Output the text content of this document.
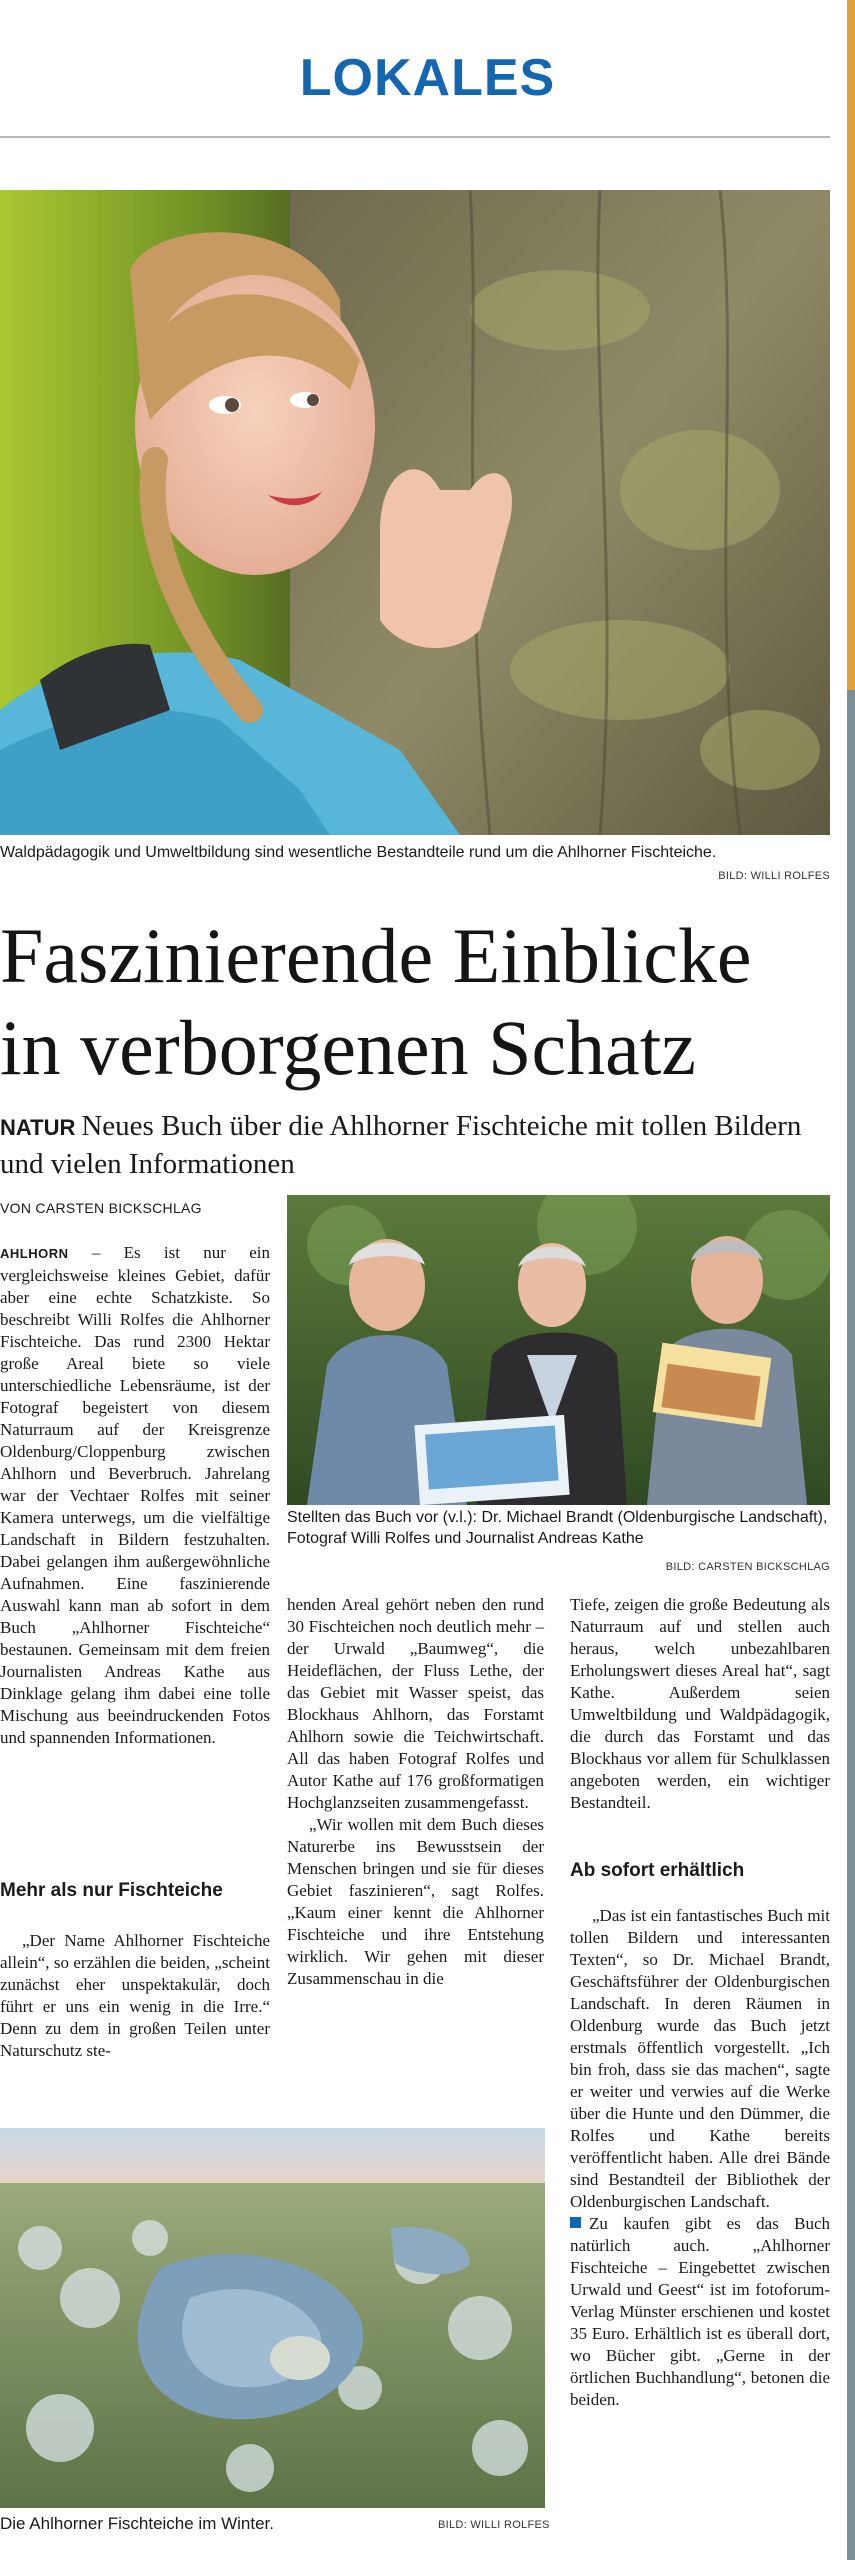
LOKALES
Waldpädagogik und Umweltbildung sind wesentliche Bestandteile rund um die Ahlhorner Fischteiche.
BILD: WILLI ROLFES
Faszinierende Einblicke in verborgenen Schatz
NATUR Neues Buch über die Ahlhorner Fischteiche mit tollen Bildern und vielen Informationen
VON CARSTEN BICKSCHLAG
Stellten das Buch vor (v.l.): Dr. Michael Brandt (Oldenburgische Landschaft), Fotograf Willi Rolfes und Journalist Andreas Kathe
BILD: CARSTEN BICKSCHLAG

AHLHORN – Es ist nur ein vergleichsweise kleines Gebiet, dafür aber eine echte Schatzkiste. So beschreibt Willi Rolfes die Ahlhorner Fischteiche. Das rund 2300 Hektar große Areal biete so viele unterschiedliche Lebensräume, ist der Fotograf begeistert von diesem Naturraum auf der Kreisgrenze Oldenburg/Cloppenburg zwischen Ahlhorn und Beverbruch. Jahrelang war der Vechtaer Rolfes mit seiner Kamera unterwegs, um die vielfältige Landschaft in Bildern festzuhalten. Dabei gelangen ihm außergewöhnliche Aufnahmen. Eine faszinierende Auswahl kann man ab sofort in dem Buch „Ahlhorner Fischteiche“ bestaunen. Gemeinsam mit dem freien Journalisten Andreas Kathe aus Dinklage gelang ihm dabei eine tolle Mischung aus beeindruckenden Fotos und spannenden Informationen.

Mehr als nur Fischteiche

„Der Name Ahlhorner Fischteiche allein“, so erzählen die beiden, „scheint zunächst eher unspektakulär, doch führt er uns ein wenig in die Irre.“ Denn zu dem in großen Teilen unter Naturschutz ste-

henden Areal gehört neben den rund 30 Fischteichen noch deutlich mehr – der Urwald „Baumweg“, die Heideflächen, der Fluss Lethe, der das Gebiet mit Wasser speist, das Blockhaus Ahlhorn, das Forstamt Ahlhorn sowie die Teichwirtschaft. All das haben Fotograf Rolfes und Autor Kathe auf 176 großformatigen Hochglanzseiten zusammengefasst.

„Wir wollen mit dem Buch dieses Naturerbe ins Bewusstsein der Menschen bringen und sie für dieses Gebiet faszinieren“, sagt Rolfes. „Kaum einer kennt die Ahlhorner Fischteiche und ihre Entstehung wirklich. Wir gehen mit dieser Zusammenschau in die

Tiefe, zeigen die große Bedeutung als Naturraum auf und stellen auch heraus, welch unbezahlbaren Erholungswert dieses Areal hat“, sagt Kathe. Außerdem seien Umweltbildung und Waldpädagogik, die durch das Forstamt und das Blockhaus vor allem für Schulklassen angeboten werden, ein wichtiger Bestandteil.

Ab sofort erhältlich

„Das ist ein fantastisches Buch mit tollen Bildern und interessanten Texten“, so Dr. Michael Brandt, Geschäftsführer der Oldenburgischen Landschaft. In deren Räumen in Oldenburg wurde das Buch jetzt erstmals öffentlich vorgestellt. „Ich bin froh, dass sie das machen“, sagte er weiter und verwies auf die Werke über die Hunte und den Dümmer, die Rolfes und Kathe bereits veröffentlicht haben. Alle drei Bände sind Bestandteil der Bibliothek der Oldenburgischen Landschaft.

Zu kaufen gibt es das Buch natürlich auch. „Ahlhorner Fischteiche – Eingebettet zwischen Urwald und Geest“ ist im fotoforum-Verlag Münster erschienen und kostet 35 Euro. Erhältlich ist es überall dort, wo Bücher gibt. „Gerne in der örtlichen Buchhandlung“, betonen die beiden.

Die Ahlhorner Fischteiche im Winter.	BILD: WILLI ROLFES
